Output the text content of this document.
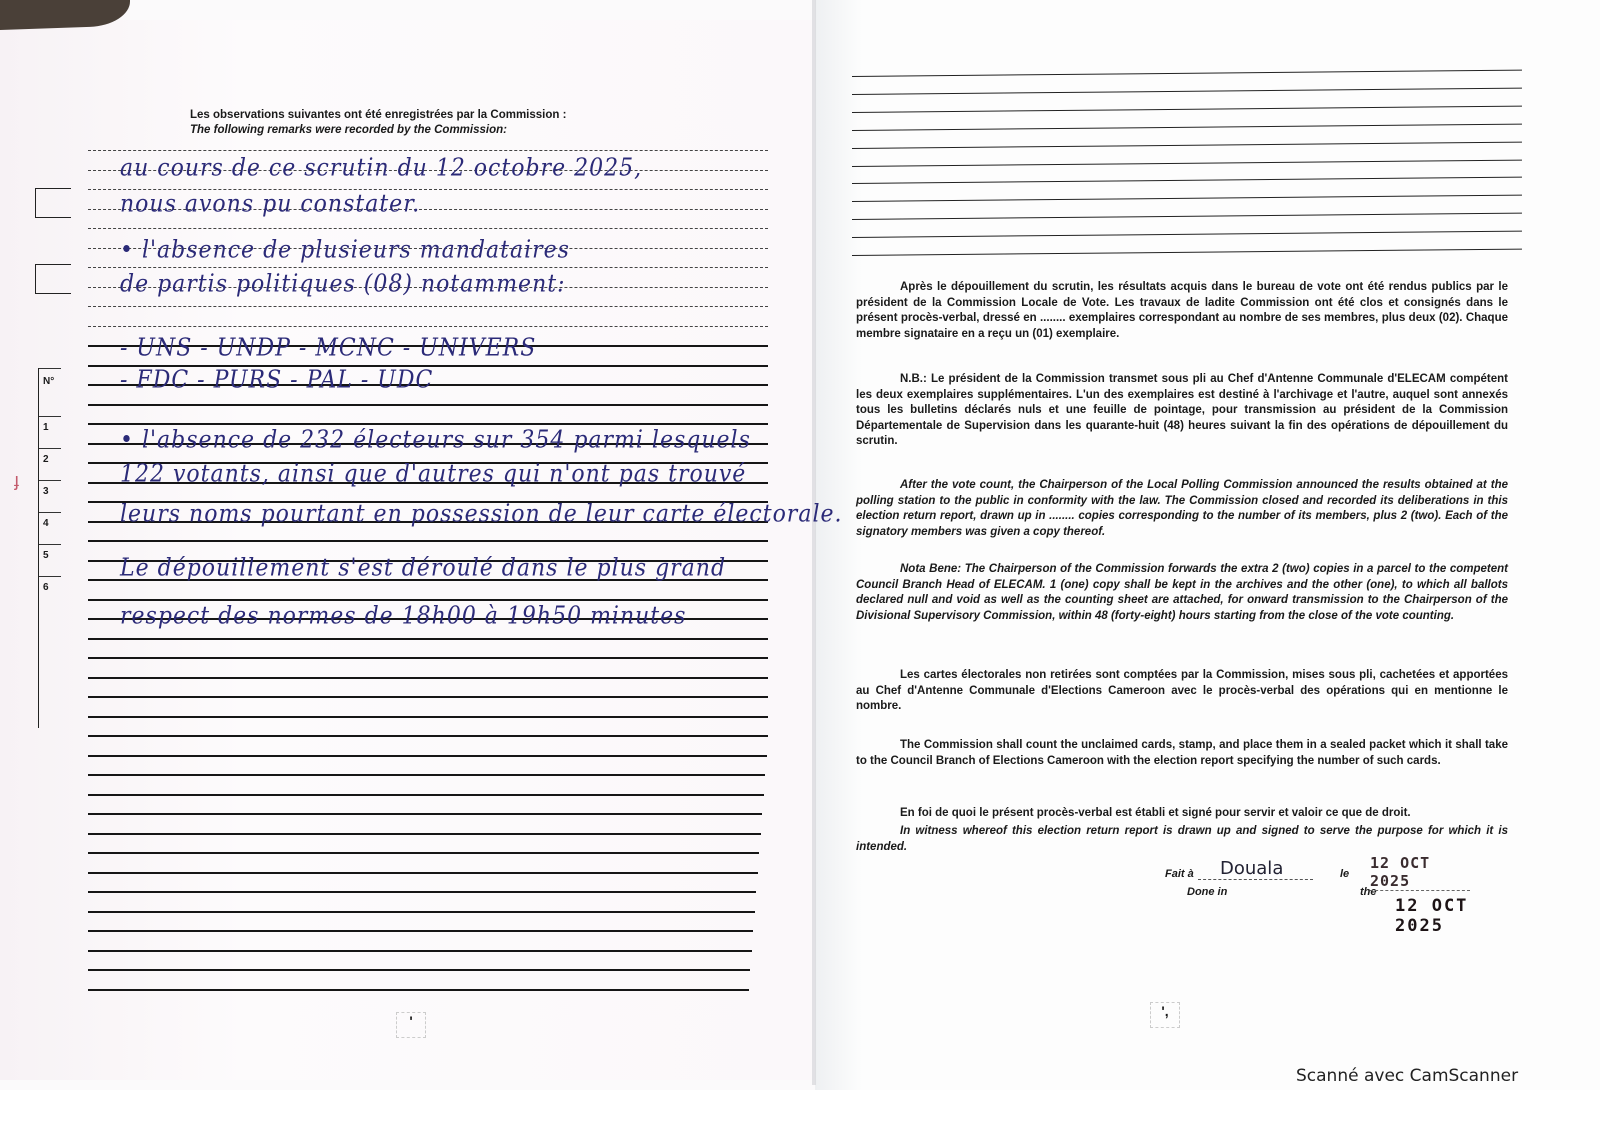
Les observations suivantes ont été enregistrées par la Commission :
The following remarks were recorded by the Commission:
ɟ
N°
1
2
3
4
5
6
au cours de ce scrutin du 12 octobre 2025,
nous avons pu constater.
• l'absence de plusieurs mandataires
de partis politiques (08) notamment:
- UNS - UNDP - MCNC - UNIVERS
- FDC - PURS - PAL - UDC
• l'absence de 232 électeurs sur 354 parmi lesquels
122 votants, ainsi que d'autres qui n'ont pas trouvé
leurs noms pourtant en possession de leur carte électorale.
Le dépouillement s'est déroulé dans le plus grand
respect des normes de 18h00 à 19h50 minutes
'
Après le dépouillement du scrutin, les résultats acquis dans le bureau de vote ont été rendus publics par le président de la Commission Locale de Vote. Les travaux de ladite Commission ont été clos et consignés dans le présent procès-verbal, dressé en ........ exemplaires correspondant au nombre de ses membres, plus deux (02). Chaque membre signataire en a reçu un (01) exemplaire.
N.B.: Le président de la Commission transmet sous pli au Chef d'Antenne Communale d'ELECAM compétent les deux exemplaires supplémentaires. L'un des exemplaires est destiné à l'archivage et l'autre, auquel sont annexés tous les bulletins déclarés nuls et une feuille de pointage, pour transmission au président de la Commission Départementale de Supervision dans les quarante-huit (48) heures suivant la fin des opérations de dépouillement du scrutin.
After the vote count, the Chairperson of the Local Polling Commission announced the results obtained at the polling station to the public in conformity with the law. The Commission closed and recorded its deliberations in this election return report, drawn up in ........ copies corresponding to the number of its members, plus 2 (two). Each of the signatory members was given a copy thereof.
Nota Bene: The Chairperson of the Commission forwards the extra 2 (two) copies in a parcel to the competent Council Branch Head of ELECAM. 1 (one) copy shall be kept in the archives and the other (one), to which all ballots declared null and void as well as the counting sheet are attached, for onward transmission to the Chairperson of the Divisional Supervisory Commission, within 48 (forty-eight) hours starting from the close of the vote counting.
Les cartes électorales non retirées sont comptées par la Commission, mises sous pli, cachetées et apportées au Chef d'Antenne Communale d'Elections Cameroon avec le procès-verbal des opérations qui en mentionne le nombre.
The Commission shall count the unclaimed cards, stamp, and place them in a sealed packet which it shall take to the Council Branch of Elections Cameroon with the election report specifying the number of such cards.
En foi de quoi le présent procès-verbal est établi et signé pour servir et valoir ce que de droit.
In witness whereof this election return report is drawn up and signed to serve the purpose for which it is intended.
Fait à
Done in
Douala	le
the
12 OCT 2025
12 OCT 2025
',
Scanné avec CamScanner
